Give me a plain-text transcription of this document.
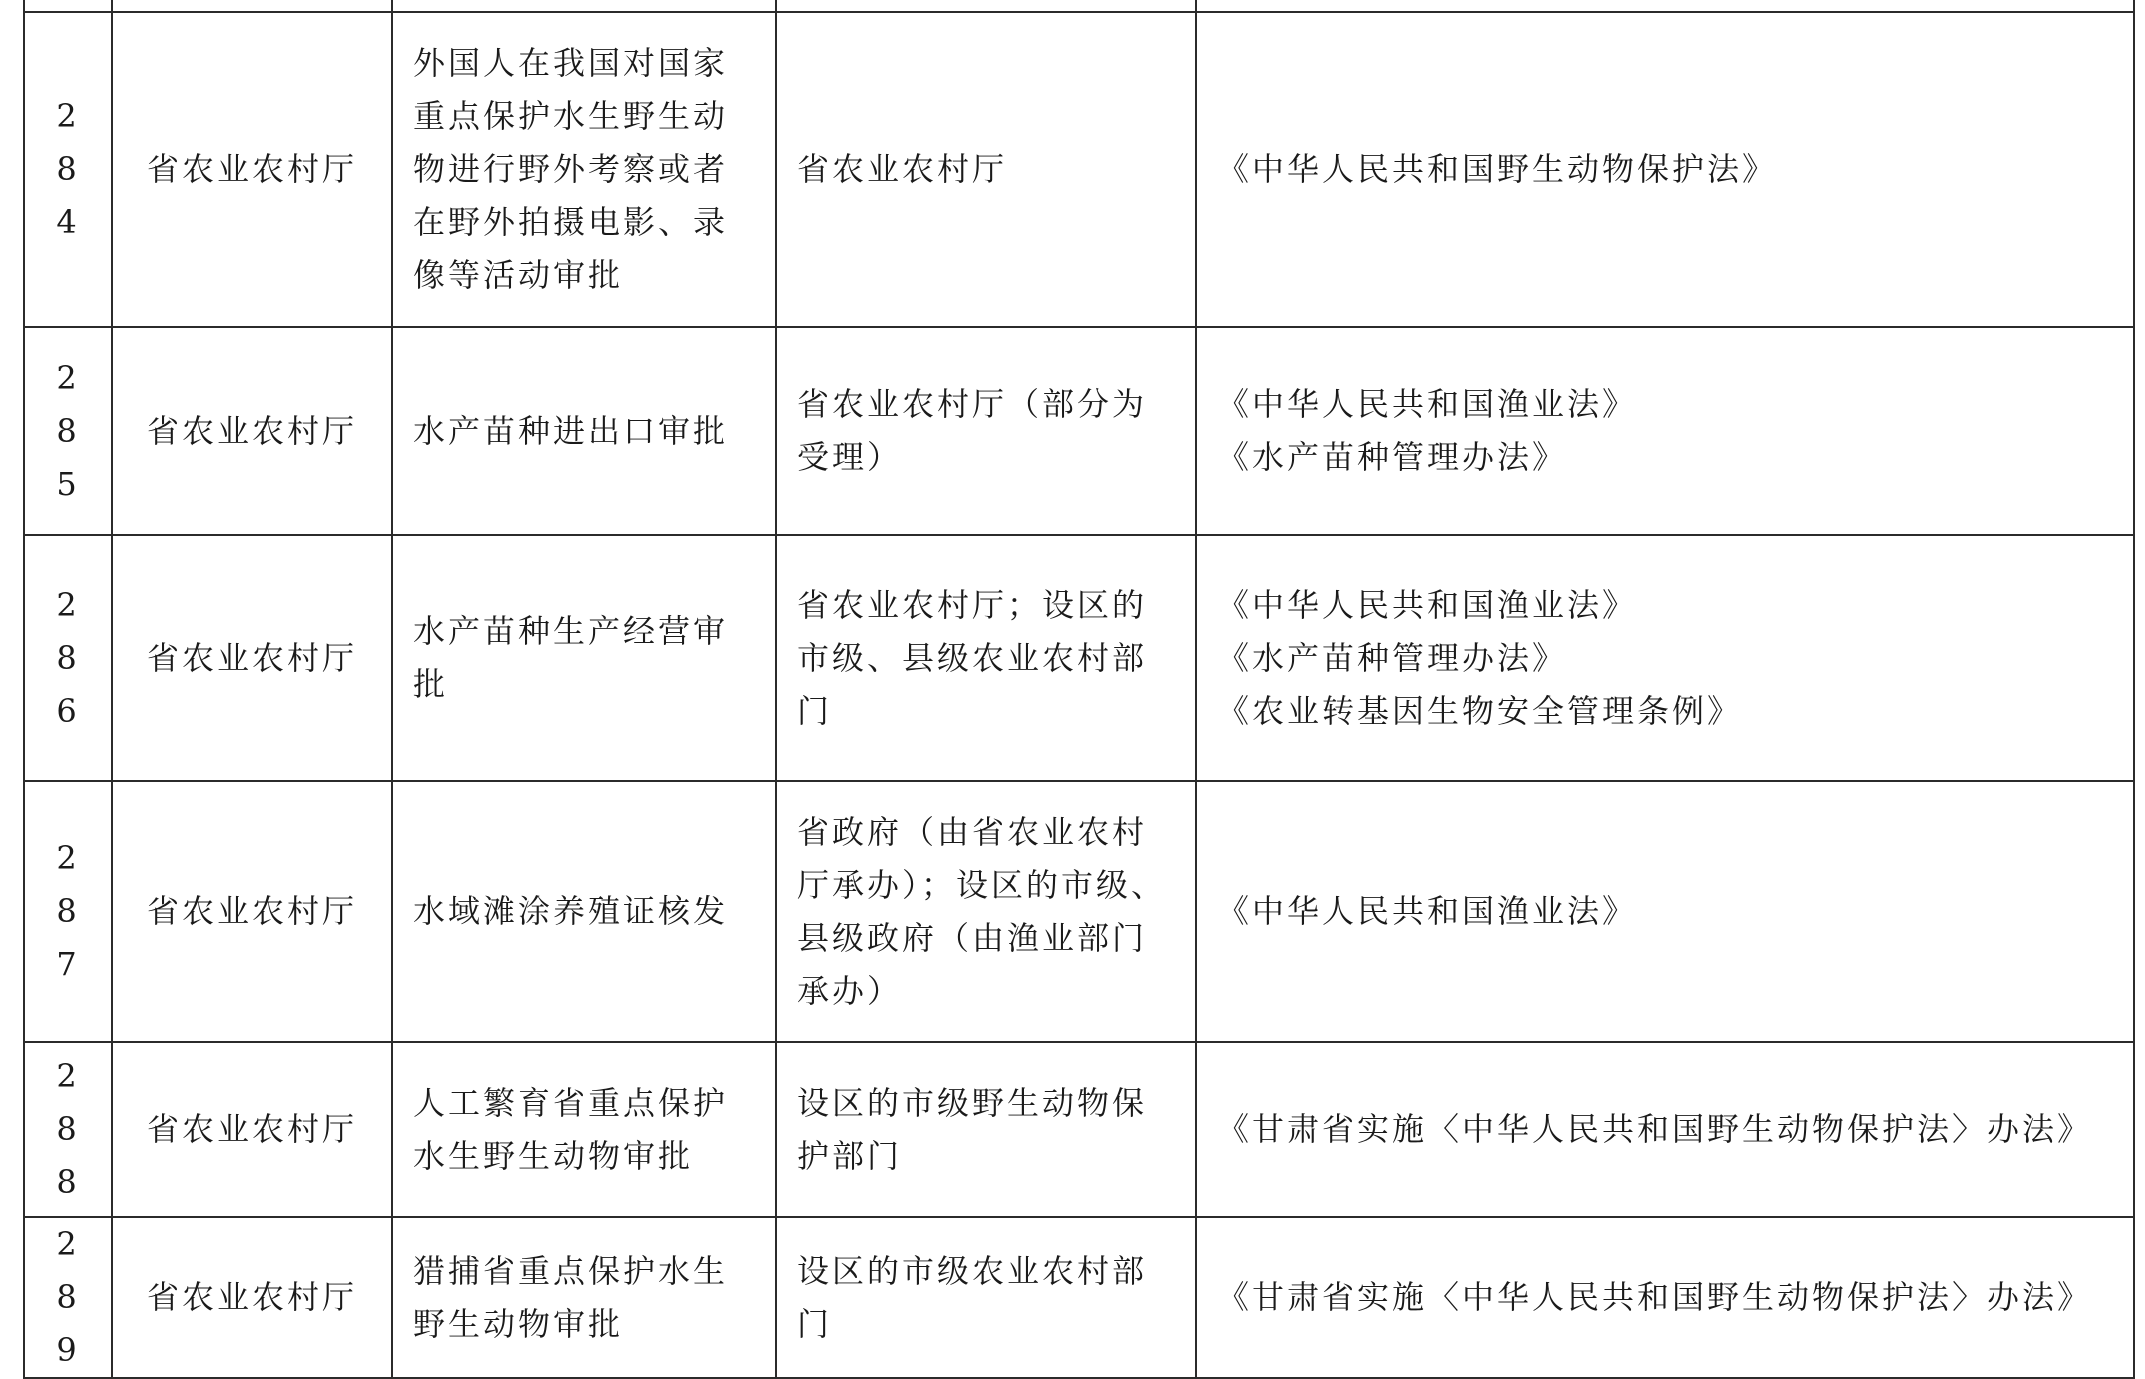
284	省农业农村厅	外国人在我国对国家重点保护水生野生动物进行野外考察或者在野外拍摄电影、录像等活动审批	省农业农村厅	《中华人民共和国野生动物保护法》

285	省农业农村厅	水产苗种进出口审批	省农业农村厅（部分为受理）	《中华人民共和国渔业法》
《水产苗种管理办法》

286	省农业农村厅	水产苗种生产经营审批	省农业农村厅；设区的市级、县级农业农村部门	《中华人民共和国渔业法》
《水产苗种管理办法》
《农业转基因生物安全管理条例》

287	省农业农村厅	水域滩涂养殖证核发	省政府（由省农业农村厅承办）；设区的市级、县级政府（由渔业部门承办）	《中华人民共和国渔业法》

288	省农业农村厅	人工繁育省重点保护水生野生动物审批	设区的市级野生动物保护部门	《甘肃省实施〈中华人民共和国野生动物保护法〉办法》

289	省农业农村厅	猎捕省重点保护水生野生动物审批	设区的市级农业农村部门	《甘肃省实施〈中华人民共和国野生动物保护法〉办法》
